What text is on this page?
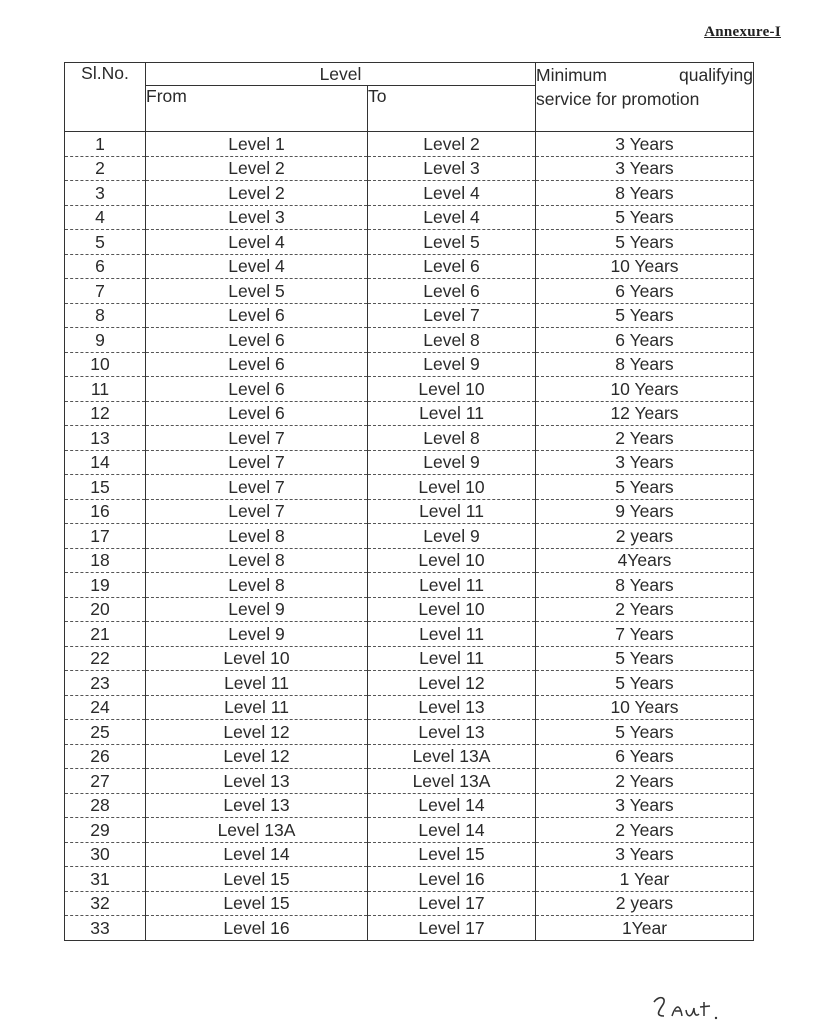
Annexure-I
Sl.No.	Level		Minimum qualifying
service for promotion

	From	To	
1	Level 1	Level 2	3 Years
2	Level 2	Level 3	3 Years
3	Level 2	Level 4	8 Years
4	Level 3	Level 4	5 Years
5	Level 4	Level 5	5 Years
6	Level 4	Level 6	10 Years
7	Level 5	Level 6	6 Years
8	Level 6	Level 7	5 Years
9	Level 6	Level 8	6 Years
10	Level 6	Level 9	8 Years
11	Level 6	Level 10	10 Years
12	Level 6	Level 11	12 Years
13	Level 7	Level 8	2 Years
14	Level 7	Level 9	3 Years
15	Level 7	Level 10	5 Years
16	Level 7	Level 11	9 Years
17	Level 8	Level 9	2 years
18	Level 8	Level 10	4Years
19	Level 8	Level 11	8 Years
20	Level 9	Level 10	2 Years
21	Level 9	Level 11	7 Years
22	Level 10	Level 11	5 Years
23	Level 11	Level 12	5 Years
24	Level 11	Level 13	10 Years
25	Level 12	Level 13	5 Years
26	Level 12	Level 13A	6 Years
27	Level 13	Level 13A	2 Years
28	Level 13	Level 14	3 Years
29	Level 13A	Level 14	2 Years
30	Level 14	Level 15	3 Years
31	Level 15	Level 16	1 Year
32	Level 15	Level 17	2 years
33	Level 16	Level 17	1Year
